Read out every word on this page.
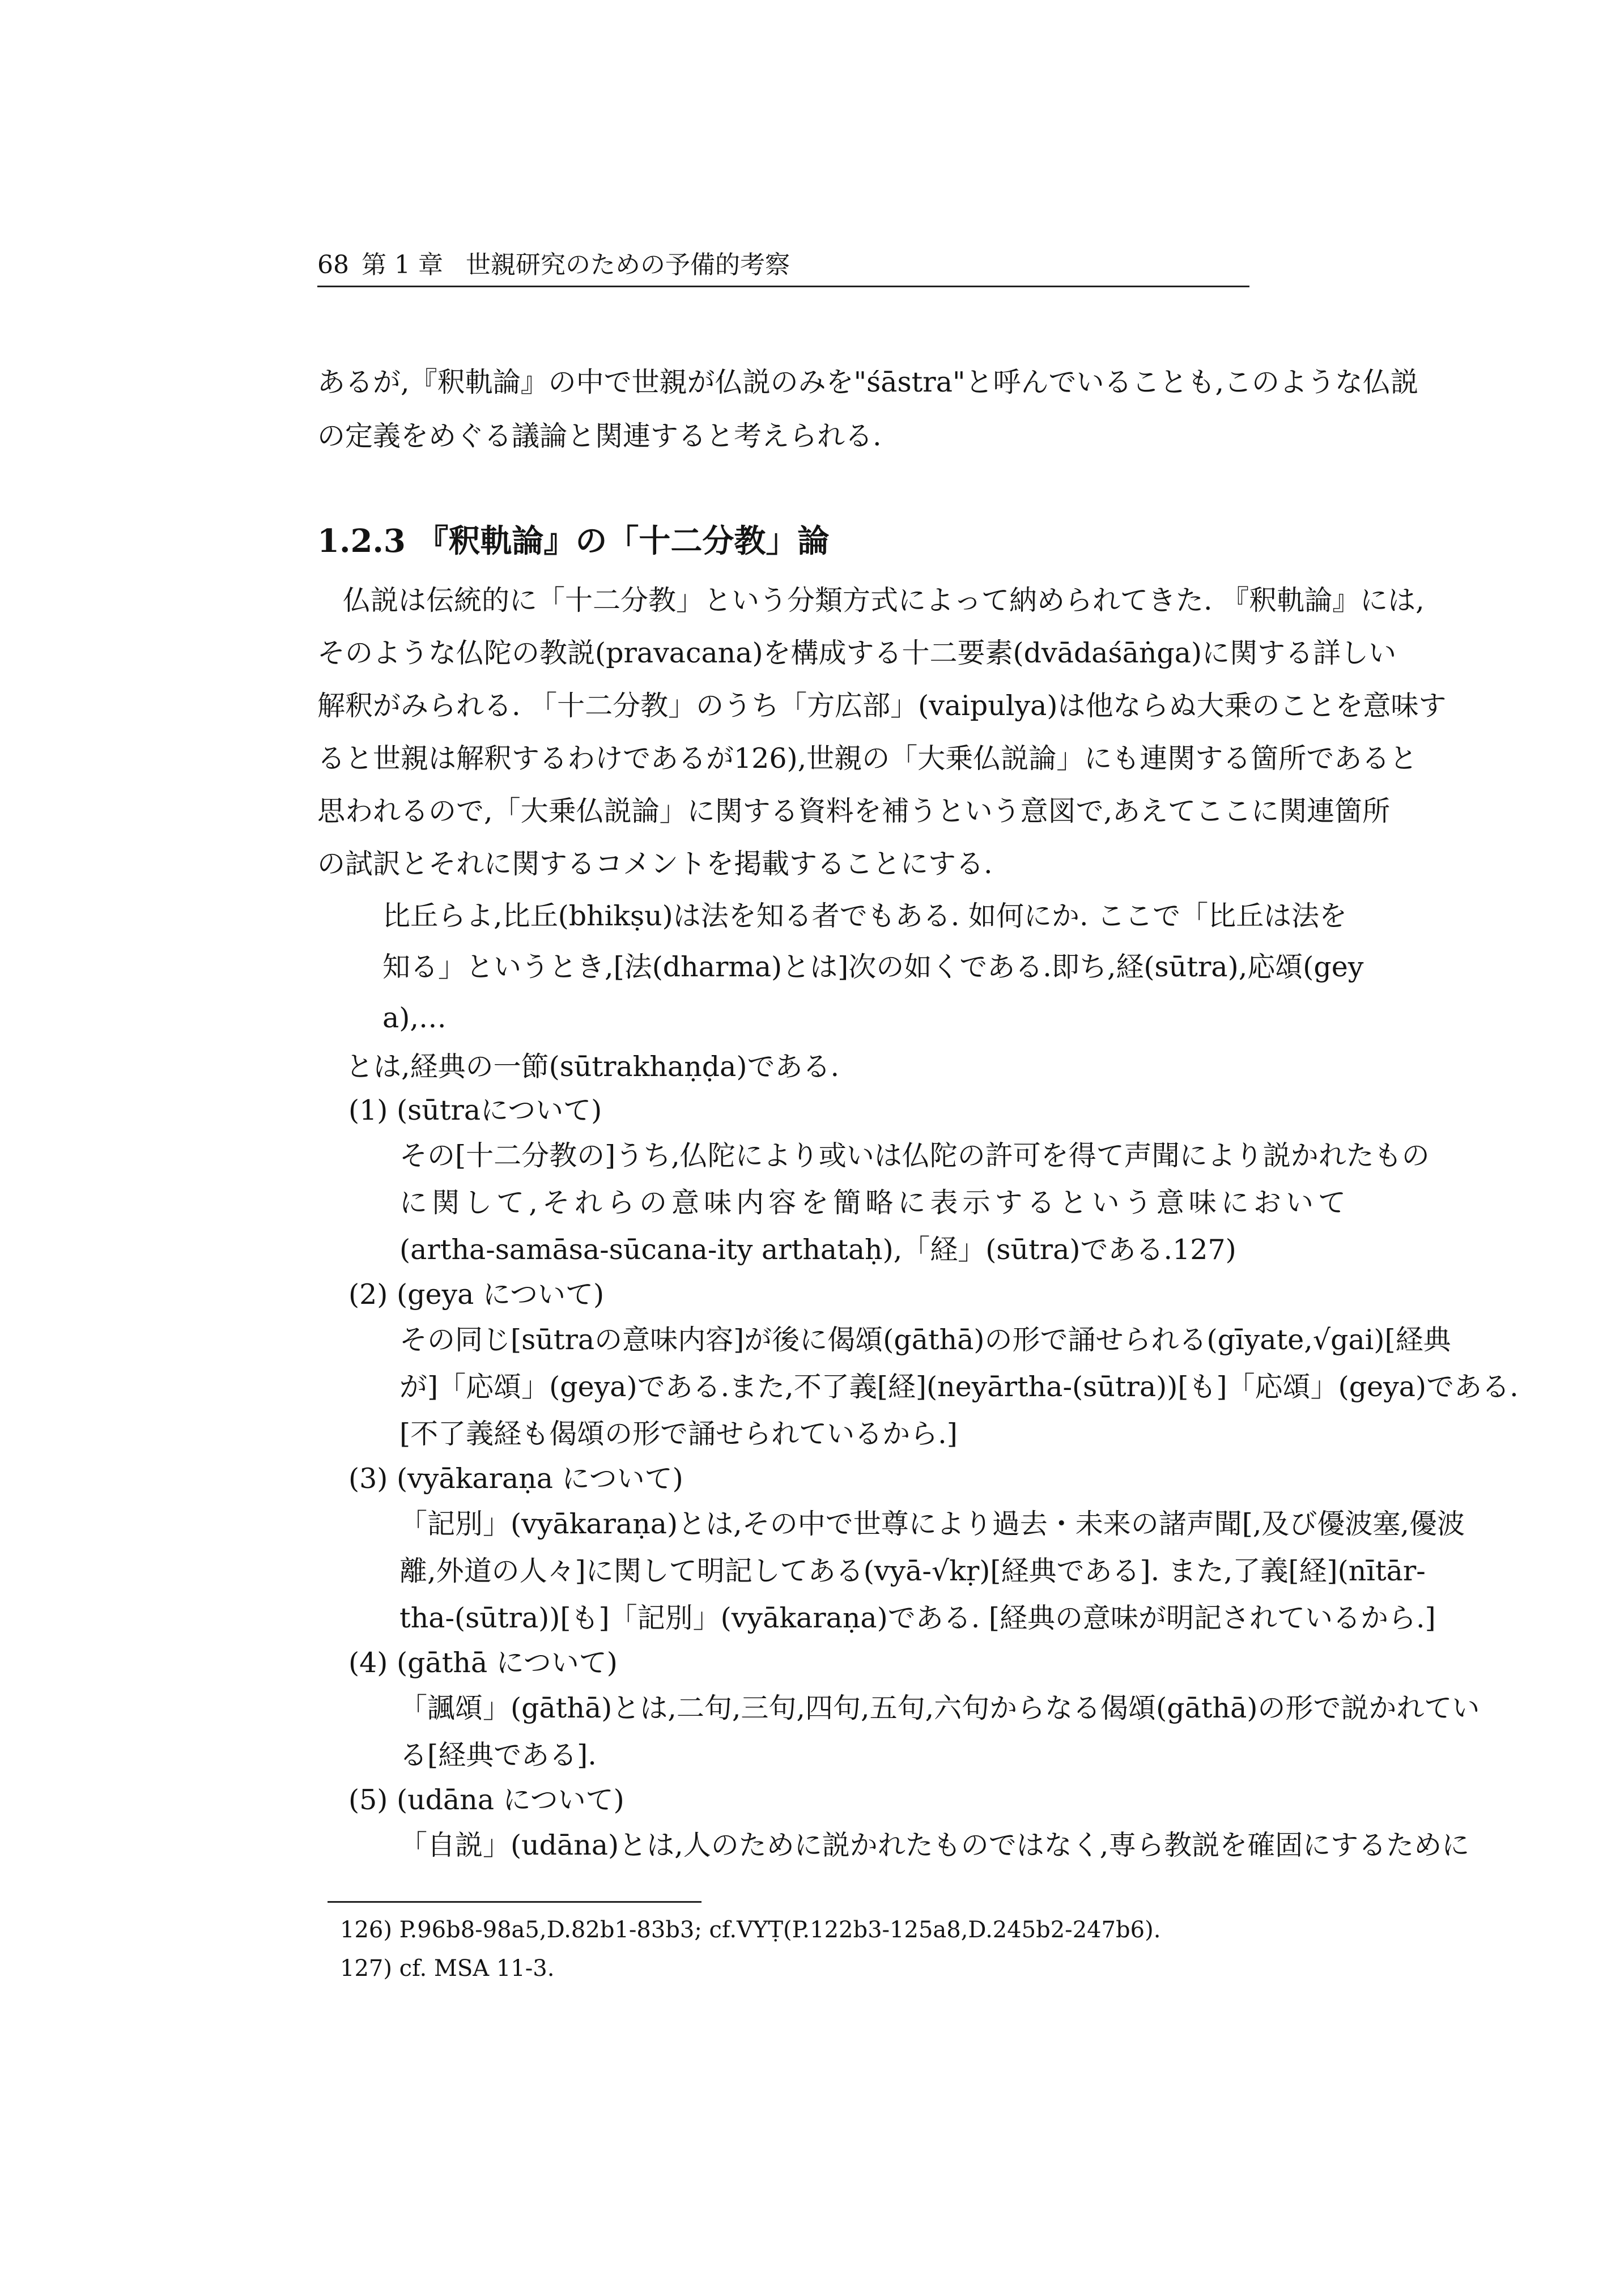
68 第 1 章 世親研究のための予備的考察
あるが,『釈軌論』の中で世親が仏説のみを"śāstra"と呼んでいることも,このような仏説
の定義をめぐる議論と関連すると考えられる.
1.2.3 『釈軌論』の「十二分教」論
仏説は伝統的に「十二分教」という分類方式によって納められてきた. 『釈軌論』には,
そのような仏陀の教説(pravacana)を構成する十二要素(dvādaśāṅga)に関する詳しい
解釈がみられる. 「十二分教」のうち「方広部」(vaipulya)は他ならぬ大乗のことを意味す
ると世親は解釈するわけであるが126),世親の「大乗仏説論」にも連関する箇所であると
思われるので,「大乗仏説論」に関する資料を補うという意図で,あえてここに関連箇所
の試訳とそれに関するコメントを掲載することにする.
比丘らよ,比丘(bhikṣu)は法を知る者でもある. 如何にか. ここで「比丘は法を
知る」というとき,[法(dharma)とは]次の如くである.即ち,経(sūtra),応頌(gey
a),…
とは,経典の一節(sūtrakhaṇḍa)である.
(1) (sūtraについて)
その[十二分教の]うち,仏陀により或いは仏陀の許可を得て声聞により説かれたもの
に関して,それらの意味内容を簡略に表示するという意味において
(artha-samāsa-sūcana-ity arthataḥ),「経」(sūtra)である.127)
(2) (geya について)
その同じ[sūtraの意味内容]が後に偈頌(gāthā)の形で誦せられる(gīyate,√gai)[経典
が]「応頌」(geya)である.また,不了義[経](neyārtha-(sūtra))[も]「応頌」(geya)である.
[不了義経も偈頌の形で誦せられているから.]
(3) (vyākaraṇa について)
「記別」(vyākaraṇa)とは,その中で世尊により過去・未来の諸声聞[,及び優波塞,優波
離,外道の人々]に関して明記してある(vyā-√kṛ)[経典である]. また,了義[経](nītār-
tha-(sūtra))[も]「記別」(vyākaraṇa)である. [経典の意味が明記されているから.]
(4) (gāthā について)
「諷頌」(gāthā)とは,二句,三句,四句,五句,六句からなる偈頌(gāthā)の形で説かれてい
る[経典である].
(5) (udāna について)
「自説」(udāna)とは,人のために説かれたものではなく,専ら教説を確固にするために
126) P.96b8-98a5,D.82b1-83b3; cf.VYṬ(P.122b3-125a8,D.245b2-247b6).
127) cf. MSA 11-3.
